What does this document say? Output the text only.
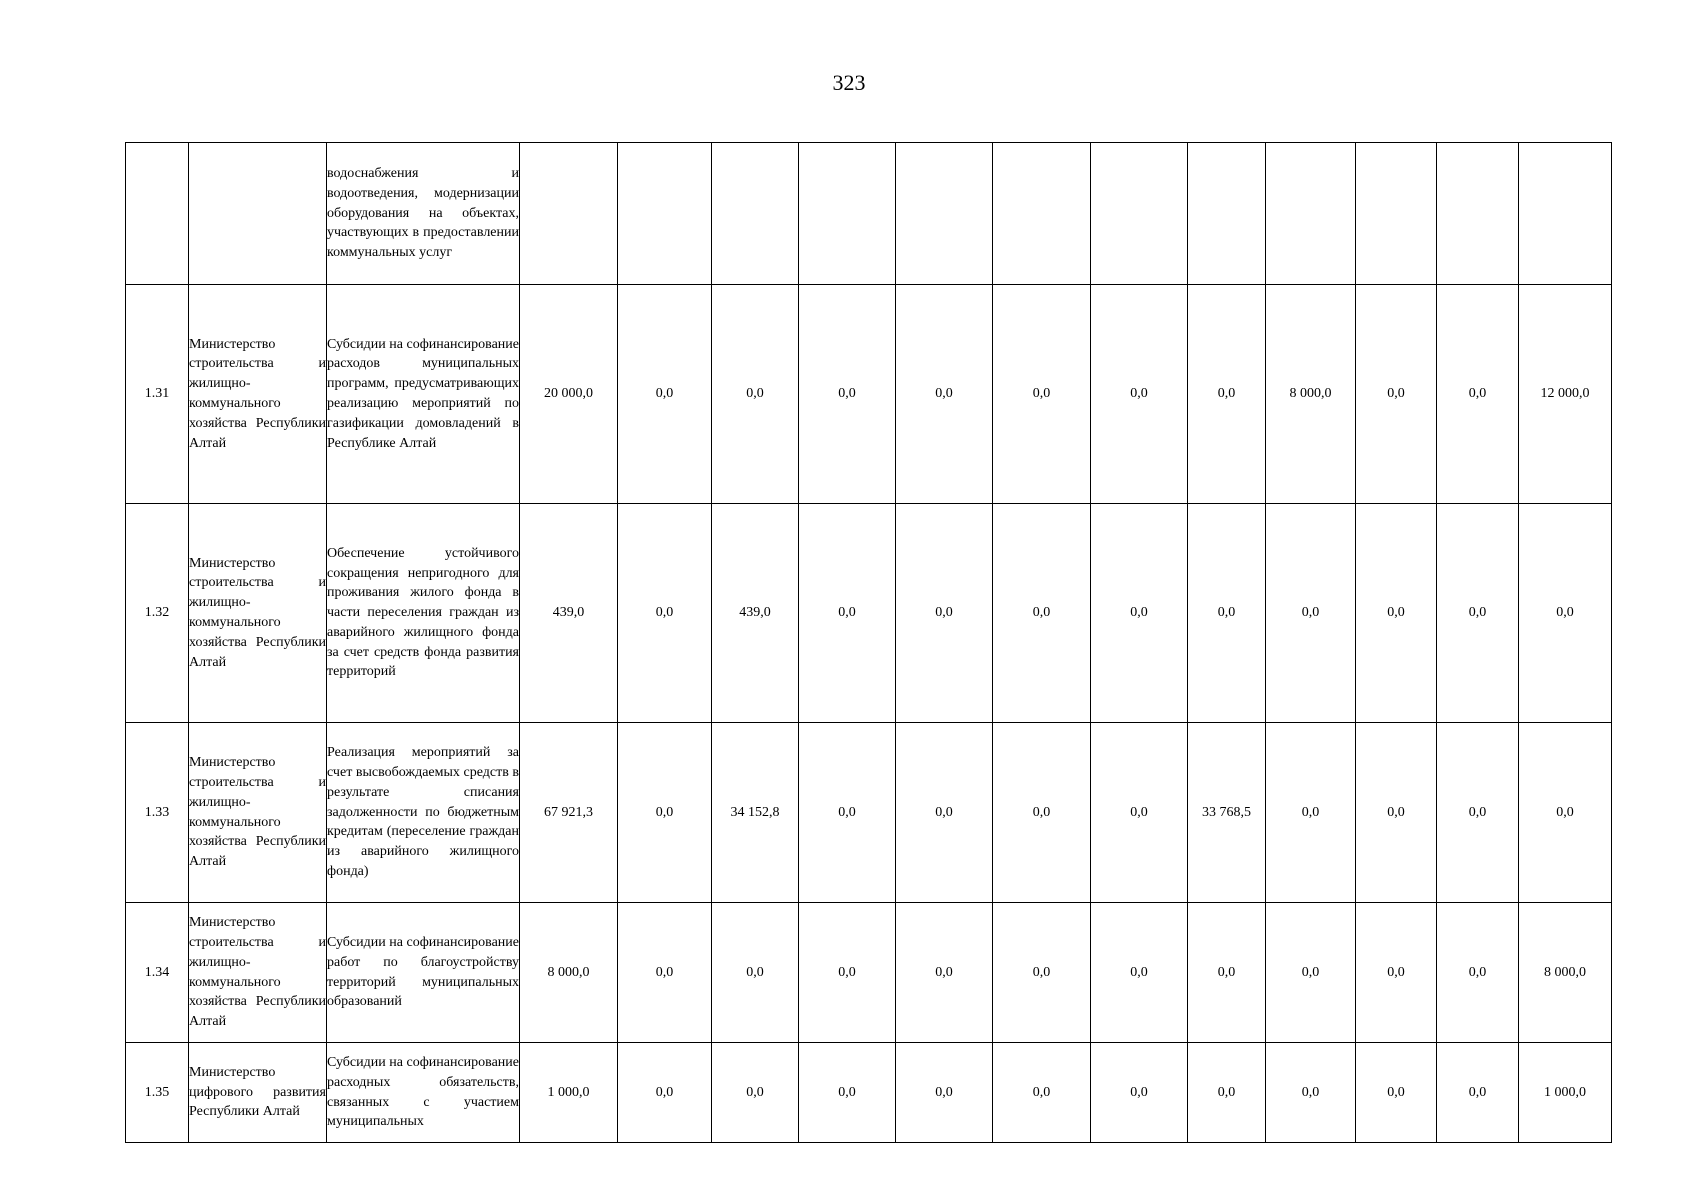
323
		водоснабжения и водоотведения, модернизации оборудования на объектах, участвующих в предоставлении коммунальных услуг												
1.31	Министерство строительства и жилищно-коммунального хозяйства Республики Алтай	Субсидии на софинансирование расходов муниципальных программ, предусматривающих реализацию мероприятий по газификации домовладений в Республике Алтай	20 000,0	0,0	0,0	0,0	0,0	0,0	0,0	0,0	8 000,0	0,0	0,0	12 000,0
1.32	Министерство строительства и жилищно-коммунального хозяйства Республики Алтай	Обеспечение устойчивого сокращения непригодного для проживания жилого фонда в части переселения граждан из аварийного жилищного фонда за счет средств фонда развития территорий	439,0	0,0	439,0	0,0	0,0	0,0	0,0	0,0	0,0	0,0	0,0	0,0
1.33	Министерство строительства и жилищно-коммунального хозяйства Республики Алтай	Реализация мероприятий за счет высвобождаемых средств в результате списания задолженности по бюджетным кредитам (переселение граждан из аварийного жилищного фонда)	67 921,3	0,0	34 152,8	0,0	0,0	0,0	0,0	33 768,5	0,0	0,0	0,0	0,0
1.34	Министерство строительства и жилищно-коммунального хозяйства Республики Алтай	Субсидии на софинансирование работ по благоустройству территорий муниципальных образований	8 000,0	0,0	0,0	0,0	0,0	0,0	0,0	0,0	0,0	0,0	0,0	8 000,0
1.35	Министерство цифрового развития Республики Алтай	Субсидии на софинансирование расходных обязательств, связанных с участием муниципальных	1 000,0	0,0	0,0	0,0	0,0	0,0	0,0	0,0	0,0	0,0	0,0	1 000,0
